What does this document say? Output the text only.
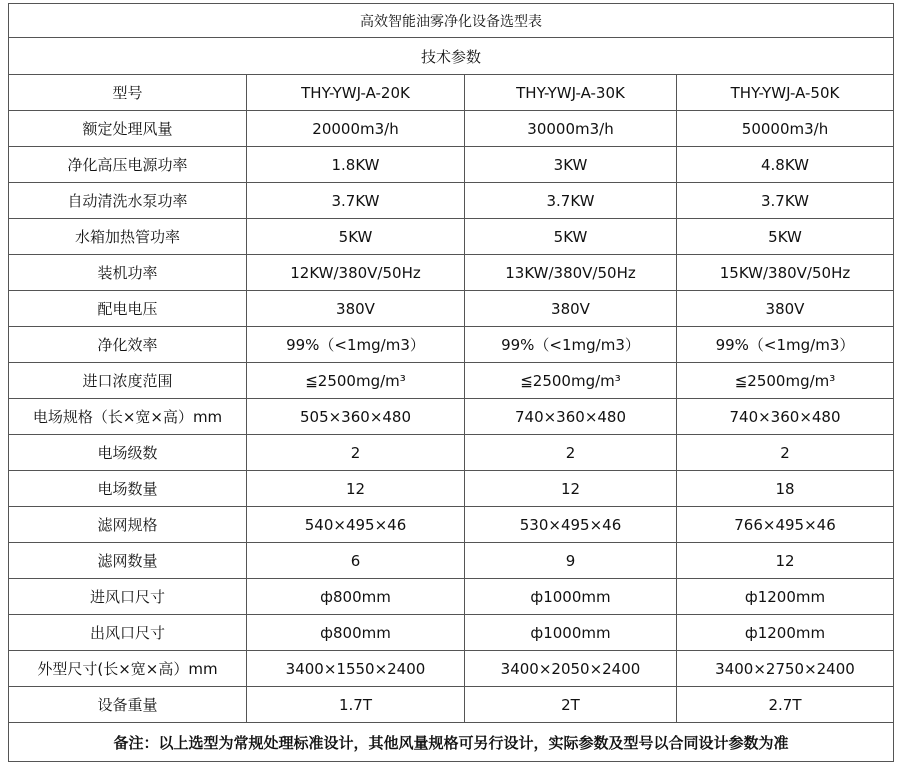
高效智能油雾净化设备选型表			
技术参数			
型号	THY-YWJ-A-20K	THY-YWJ-A-30K	THY-YWJ-A-50K
额定处理风量	20000m3/h	30000m3/h	50000m3/h
净化高压电源功率	1.8KW	3KW	4.8KW
自动清洗水泵功率	3.7KW	3.7KW	3.7KW
水箱加热管功率	5KW	5KW	5KW
装机功率	12KW/380V/50Hz	13KW/380V/50Hz	15KW/380V/50Hz
配电电压	380V	380V	380V
净化效率	99%（<1mg/m3）	99%（<1mg/m3）	99%（<1mg/m3）
进口浓度范围	≦2500mg/m³	≦2500mg/m³	≦2500mg/m³
电场规格（长×宽×高）mm	505×360×480	740×360×480	740×360×480
电场级数	2	2	2
电场数量	12	12	18
滤网规格	540×495×46	530×495×46	766×495×46
滤网数量	6	9	12
进风口尺寸	ф800mm	ф1000mm	ф1200mm
出风口尺寸	ф800mm	ф1000mm	ф1200mm
外型尺寸(长×宽×高）mm	3400×1550×2400	3400×2050×2400	3400×2750×2400
设备重量	1.7T	2T	2.7T
备注：以上选型为常规处理标准设计，其他风量规格可另行设计，实际参数及型号以合同设计参数为准			
